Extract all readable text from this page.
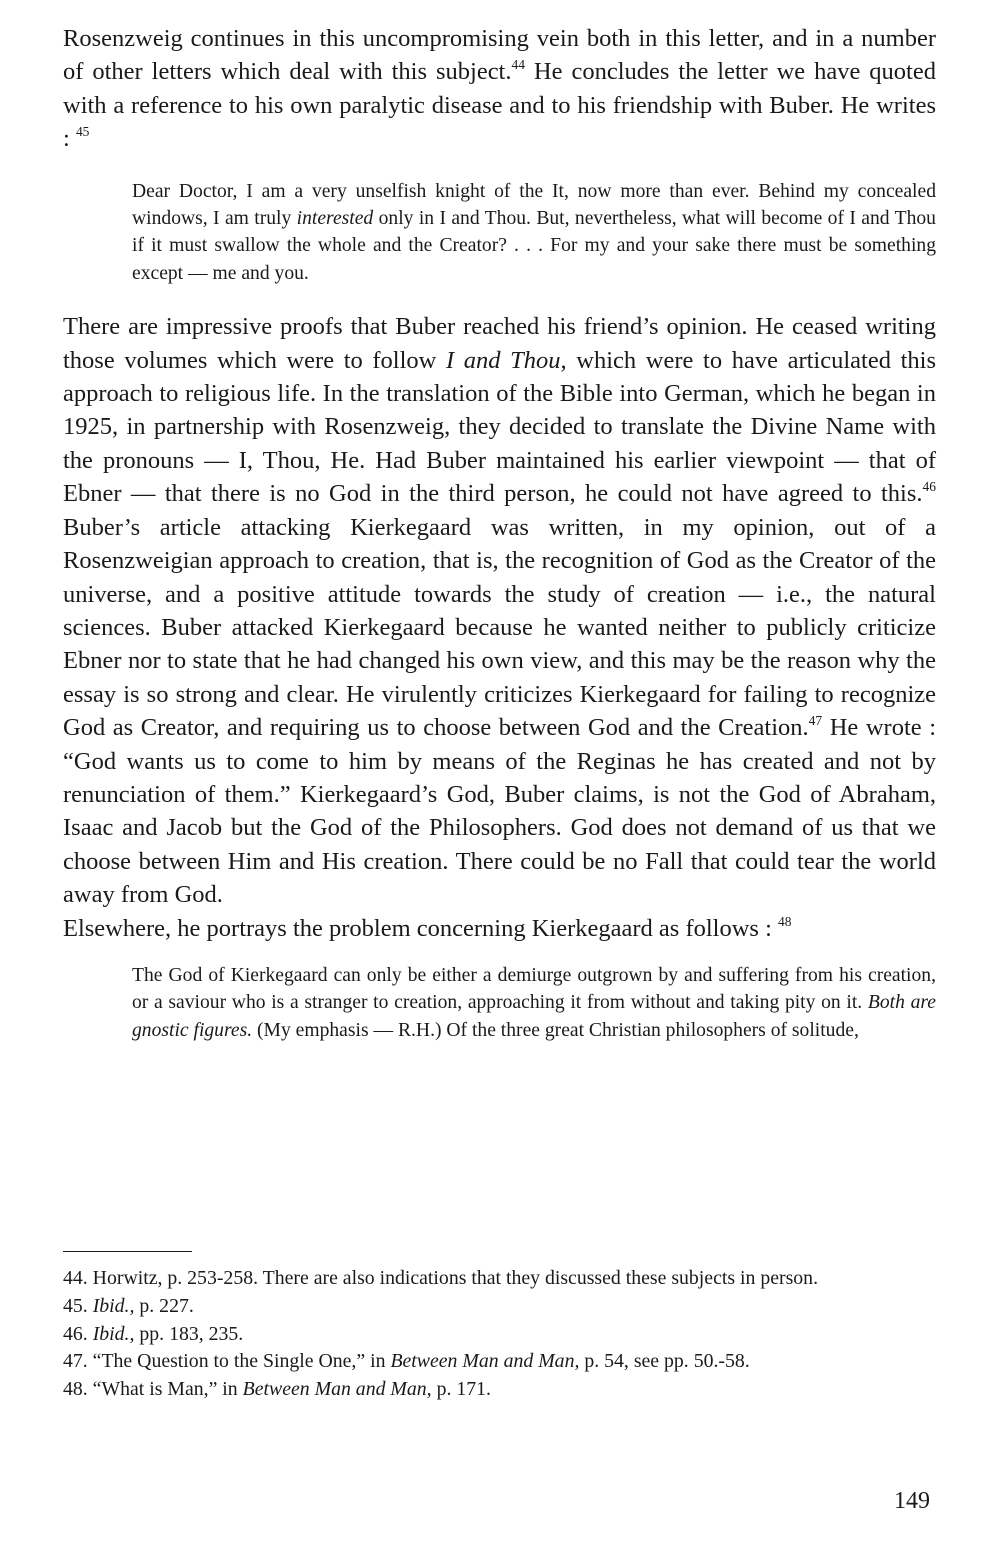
Rosenzweig continues in this uncompromising vein both in this letter, and in a number of other letters which deal with this subject.$^{44}$ He concludes the letter we have quoted with a reference to his own paralytic disease and to his friendship with Buber. He writes : $^{45}$

Dear Doctor, I am a very unselfish knight of the It, now more than ever. Behind my concealed windows, I am truly interested only in I and Thou. But, nevertheless, what will become of I and Thou if it must swallow the whole and the Creator? . . . For my and your sake there must be something except — me and you.

There are impressive proofs that Buber reached his friend’s opinion. He ceased writing those volumes which were to follow I and Thou, which were to have articulated this approach to religious life. In the translation of the Bible into German, which he began in 1925, in partnership with Rosenzweig, they decided to translate the Divine Name with the pronouns — I, Thou, He. Had Buber maintained his earlier viewpoint — that of Ebner — that there is no God in the third person, he could not have agreed to this.$^{46}$ Buber’s article attacking Kierkegaard was written, in my opinion, out of a Rosenzweigian approach to creation, that is, the recognition of God as the Creator of the universe, and a positive attitude towards the study of creation — i.e., the natural sciences. Buber attacked Kierkegaard because he wanted neither to publicly criticize Ebner nor to state that he had changed his own view, and this may be the reason why the essay is so strong and clear. He virulently criticizes Kierkegaard for failing to recognize God as Creator, and requiring us to choose between God and the Creation.$^{47}$ He wrote : “God wants us to come to him by means of the Reginas he has created and not by renunciation of them.” Kierkegaard’s God, Buber claims, is not the God of Abraham, Isaac and Jacob but the God of the Philosophers. God does not demand of us that we choose between Him and His creation. There could be no Fall that could tear the world away from God.

Elsewhere, he portrays the problem concerning Kierkegaard as follows : $^{48}$

The God of Kierkegaard can only be either a demiurge outgrown by and suffering from his creation, or a saviour who is a stranger to creation, approaching it from without and taking pity on it. Both are gnostic figures. (My emphasis — R.H.) Of the three great Christian philosophers of solitude,

44. Horwitz, p. 253-258. There are also indications that they discussed these subjects in person.

45. Ibid., p. 227.

46. Ibid., pp. 183, 235.

47. “The Question to the Single One,” in Between Man and Man, p. 54, see pp. 50.-58.

48. “What is Man,” in Between Man and Man, p. 171.

149
